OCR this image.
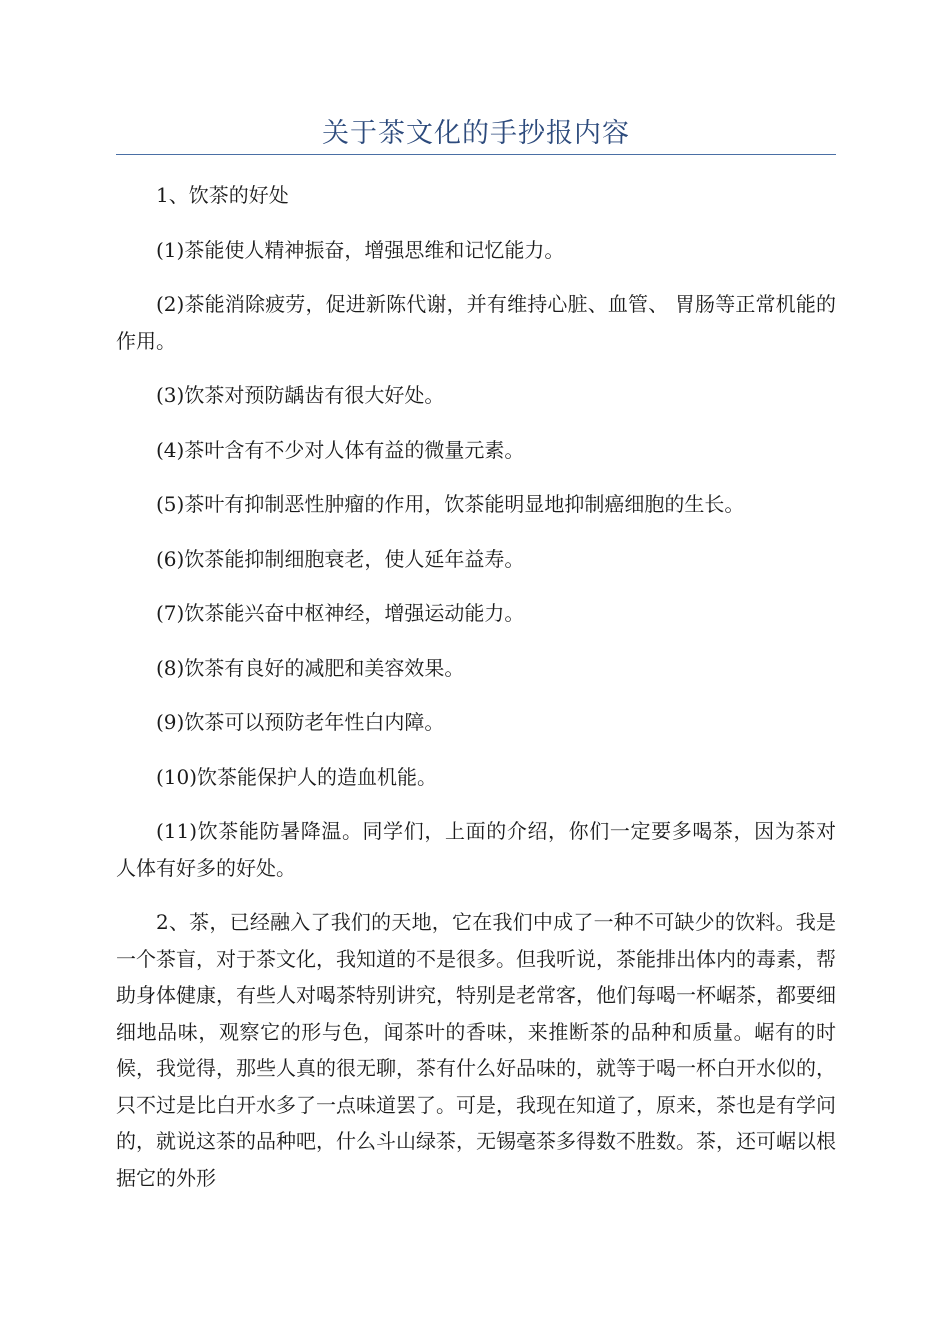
关于茶文化的手抄报内容

1、饮茶的好处

(1)茶能使人精神振奋，增强思维和记忆能力。

(2)茶能消除疲劳，促进新陈代谢，并有维持心脏、血管、 胃肠等正常机能的作用。

(3)饮茶对预防龋齿有很大好处。

(4)茶叶含有不少对人体有益的微量元素。

(5)茶叶有抑制恶性肿瘤的作用，饮茶能明显地抑制癌细胞的生长。

(6)饮茶能抑制细胞衰老，使人延年益寿。

(7)饮茶能兴奋中枢神经，增强运动能力。

(8)饮茶有良好的减肥和美容效果。

(9)饮茶可以预防老年性白内障。

(10)饮茶能保护人的造血机能。

(11)饮茶能防暑降温。同学们，上面的介绍，你们一定要多喝茶，因为茶对人体有好多的好处。

2、茶，已经融入了我们的天地，它在我们中成了一种不可缺少的饮料。我是一个茶盲，对于茶文化，我知道的不是很多。但我听说，茶能排出体内的毒素，帮助身体健康，有些人对喝茶特别讲究，特别是老常客，他们每喝一杯崌茶，都要细细地品味，观察它的形与色，闻茶叶的香味，来推断茶的品种和质量。崌有的时候，我觉得，那些人真的很无聊，茶有什么好品味的，就等于喝一杯白开水似的，只不过是比白开水多了一点味道罢了。可是，我现在知道了，原来，茶也是有学问的，就说这茶的品种吧，什么斗山绿茶，无锡毫茶多得数不胜数。茶，还可崌以根据它的外形
